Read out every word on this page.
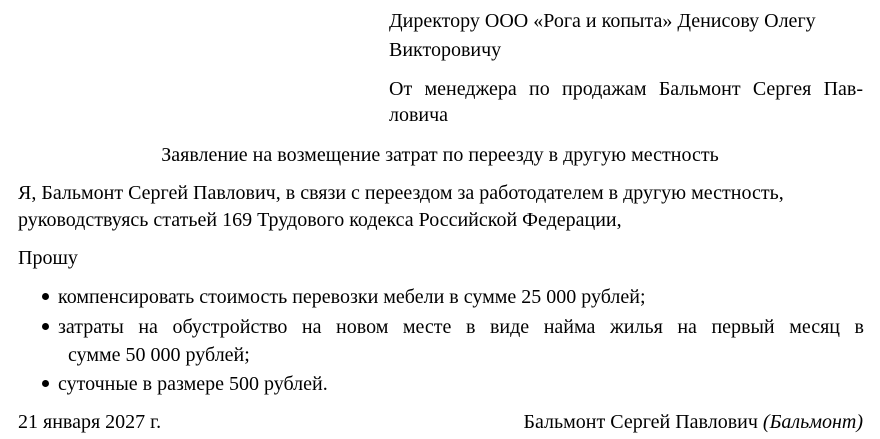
Директору ООО «Рога и копыта» Денисову Олегу
Викторовичу
От менеджера по продажам Бальмонт Сергея Пав-
ловича
Заявление на возмещение затрат по переезду в другую местность
Я, Бальмонт Сергей Павлович, в связи с переездом за работодателем в другую местность,
руководствуясь статьей 169 Трудового кодекса Российской Федерации,
Прошу
компенсировать стоимость перевозки мебели в сумме 25 000 рублей;
затраты на обустройство на новом месте в виде найма жилья на первый месяц в
сумме 50 000 рублей;
суточные в размере 500 рублей.
21 января 2027 г.	Бальмонт Сергей Павлович (Бальмонт)
